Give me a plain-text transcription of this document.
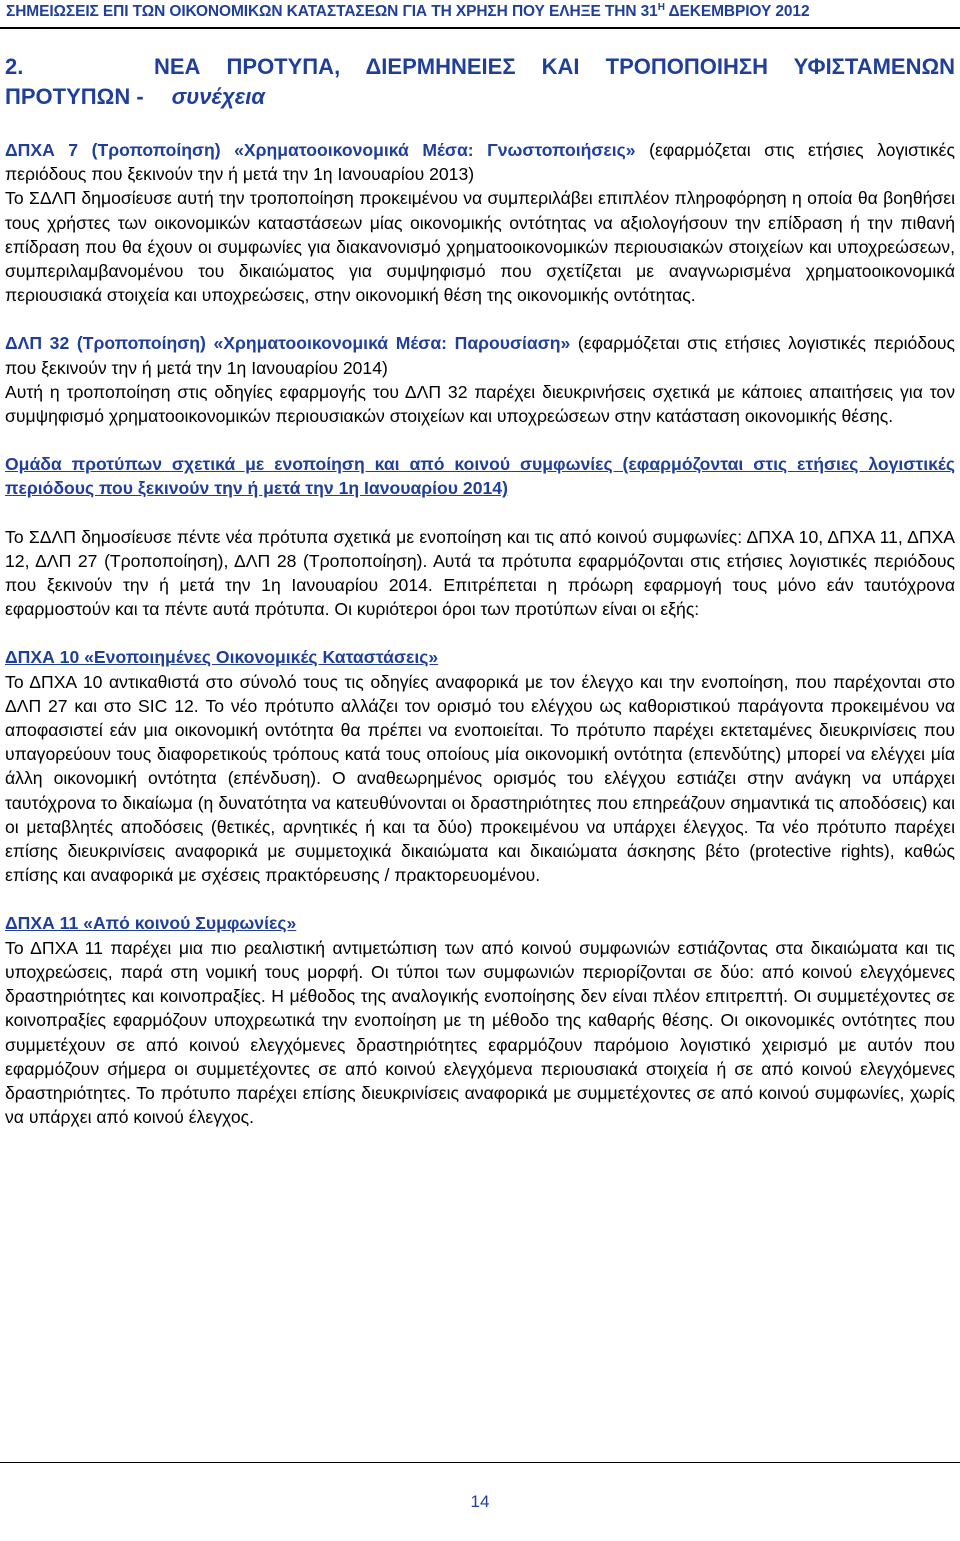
ΣΗΜΕΙΩΣΕΙΣ ΕΠΙ ΤΩΝ ΟΙΚΟΝΟΜΙΚΩΝ ΚΑΤΑΣΤΑΣΕΩΝ ΓΙΑ ΤΗ ΧΡΗΣΗ ΠΟΥ ΕΛΗΞΕ ΤΗΝ $31^H$ ΔΕΚΕΜΒΡΙΟΥ 2012
2.     ΝΕΑ ΠΡΟΤΥΠΑ, ΔΙΕΡΜΗΝΕΙΕΣ ΚΑΙ ΤΡΟΠΟΠΟΙΗΣΗ ΥΦΙΣΤΑΜΕΝΩΝ
ΠΡΟΤΥΠΩΝ - συνέχεια

ΔΠΧΑ 7 (Τροποποίηση) «Χρηματοοικονομικά Μέσα: Γνωστοποιήσεις» (εφαρμόζεται στις ετήσιες λογιστικές περιόδους που ξεκινούν την ή μετά την 1η Ιανουαρίου 2013)

Το ΣΔΛΠ δημοσίευσε αυτή την τροποποίηση προκειμένου να συμπεριλάβει επιπλέον πληροφόρηση η οποία θα βοηθήσει τους χρήστες των οικονομικών καταστάσεων μίας οικονομικής οντότητας να αξιολογήσουν την επίδραση ή την πιθανή επίδραση που θα έχουν οι συμφωνίες για διακανονισμό χρηματοοικονομικών περιουσιακών στοιχείων και υποχρεώσεων, συμπεριλαμβανομένου του δικαιώματος για συμψηφισμό που σχετίζεται με αναγνωρισμένα χρηματοοικονομικά περιουσιακά στοιχεία και υποχρεώσεις, στην οικονομική θέση της οικονομικής οντότητας.

ΔΛΠ 32 (Τροποποίηση) «Χρηματοοικονομικά Μέσα: Παρουσίαση» (εφαρμόζεται στις ετήσιες λογιστικές περιόδους που ξεκινούν την ή μετά την 1η Ιανουαρίου 2014)

Αυτή η τροποποίηση στις οδηγίες εφαρμογής του ΔΛΠ 32 παρέχει διευκρινήσεις σχετικά με κάποιες απαιτήσεις για τον συμψηφισμό χρηματοοικονομικών περιουσιακών στοιχείων και υποχρεώσεων στην κατάσταση οικονομικής θέσης.

Ομάδα προτύπων σχετικά με ενοποίηση και από κοινού συμφωνίες (εφαρμόζονται στις ετήσιες λογιστικές περιόδους που ξεκινούν την ή μετά την 1η Ιανουαρίου 2014)

Το ΣΔΛΠ δημοσίευσε πέντε νέα πρότυπα σχετικά με ενοποίηση και τις από κοινού συμφωνίες: ΔΠΧΑ 10, ΔΠΧΑ 11, ΔΠΧΑ 12, ΔΛΠ 27 (Τροποποίηση), ΔΛΠ 28 (Τροποποίηση). Αυτά τα πρότυπα εφαρμόζονται στις ετήσιες λογιστικές περιόδους που ξεκινούν την ή μετά την 1η Ιανουαρίου 2014. Επιτρέπεται η πρόωρη εφαρμογή τους μόνο εάν ταυτόχρονα εφαρμοστούν και τα πέντε αυτά πρότυπα. Οι κυριότεροι όροι των προτύπων είναι οι εξής:

ΔΠΧΑ 10 «Ενοποιημένες Οικονομικές Καταστάσεις»

Το ΔΠΧΑ 10 αντικαθιστά στο σύνολό τους τις οδηγίες αναφορικά με τον έλεγχο και την ενοποίηση, που παρέχονται στο ΔΛΠ 27 και στο SIC 12. Το νέο πρότυπο αλλάζει τον ορισμό του ελέγχου ως καθοριστικού παράγοντα προκειμένου να αποφασιστεί εάν μια οικονομική οντότητα θα πρέπει να ενοποιείται. Το πρότυπο παρέχει εκτεταμένες διευκρινίσεις που υπαγορεύουν τους διαφορετικούς τρόπους κατά τους οποίους μία οικονομική οντότητα (επενδύτης) μπορεί να ελέγχει μία άλλη οικονομική οντότητα (επένδυση). Ο αναθεωρημένος ορισμός του ελέγχου εστιάζει στην ανάγκη να υπάρχει ταυτόχρονα το δικαίωμα (η δυνατότητα να κατευθύνονται οι δραστηριότητες που επηρεάζουν σημαντικά τις αποδόσεις) και οι μεταβλητές αποδόσεις (θετικές, αρνητικές ή και τα δύο) προκειμένου να υπάρχει έλεγχος. Τα νέο πρότυπο παρέχει επίσης διευκρινίσεις αναφορικά με συμμετοχικά δικαιώματα και δικαιώματα άσκησης βέτο (protective rights), καθώς επίσης και αναφορικά με σχέσεις πρακτόρευσης / πρακτορευομένου.

ΔΠΧΑ 11 «Από κοινού Συμφωνίες»

Το ΔΠΧΑ 11 παρέχει μια πιο ρεαλιστική αντιμετώπιση των από κοινού συμφωνιών εστιάζοντας στα δικαιώματα και τις υποχρεώσεις, παρά στη νομική τους μορφή. Οι τύποι των συμφωνιών περιορίζονται σε δύο: από κοινού ελεγχόμενες δραστηριότητες και κοινοπραξίες. Η μέθοδος της αναλογικής ενοποίησης δεν είναι πλέον επιτρεπτή. Οι συμμετέχοντες σε κοινοπραξίες εφαρμόζουν υποχρεωτικά την ενοποίηση με τη μέθοδο της καθαρής θέσης. Οι οικονομικές οντότητες που συμμετέχουν σε από κοινού ελεγχόμενες δραστηριότητες εφαρμόζουν παρόμοιο λογιστικό χειρισμό με αυτόν που εφαρμόζουν σήμερα οι συμμετέχοντες σε από κοινού ελεγχόμενα περιουσιακά στοιχεία ή σε από κοινού ελεγχόμενες δραστηριότητες. Το πρότυπο παρέχει επίσης διευκρινίσεις αναφορικά με συμμετέχοντες σε από κοινού συμφωνίες, χωρίς να υπάρχει από κοινού έλεγχος.

14
